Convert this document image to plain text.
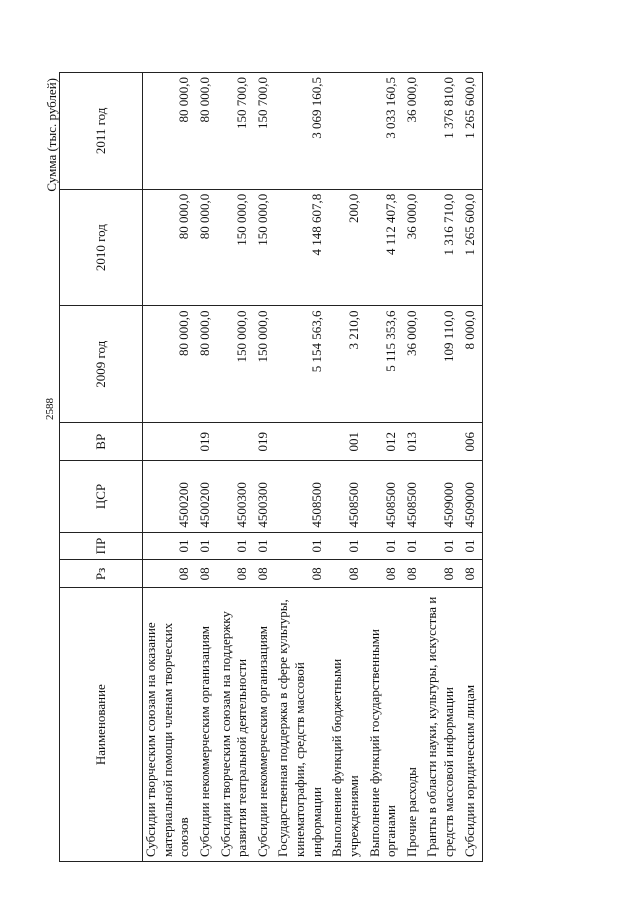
2588
Сумма (тыс. рублей)
Наименование	Рз	ПР	ЦСР	ВР	2009 год	2010 год	2011 год
Субсидии творческим союзам на оказание материальной помощи членам творческих союзов	08	01	4500200		80 000,0	80 000,0	80 000,0
Субсидии некоммерческим организациям	08	01	4500200	019	80 000,0	80 000,0	80 000,0
Субсидии творческим союзам на поддержку развития театральной деятельности	08	01	4500300		150 000,0	150 000,0	150 700,0
Субсидии некоммерческим организациям	08	01	4500300	019	150 000,0	150 000,0	150 700,0
Государственная поддержка в сфере культуры, кинематографии, средств массовой информации	08	01	4508500		5 154 563,6	4 148 607,8	3 069 160,5
Выполнение функций бюджетными учреждениями	08	01	4508500	001	3 210,0	200,0	
Выполнение функций государственными органами	08	01	4508500	012	5 115 353,6	4 112 407,8	3 033 160,5
Прочие расходы	08	01	4508500	013	36 000,0	36 000,0	36 000,0
Гранты в области науки, культуры, искусства и средств массовой информации	08	01	4509000		109 110,0	1 316 710,0	1 376 810,0
Субсидии юридическим лицам	08	01	4509000	006	8 000,0	1 265 600,0	1 265 600,0
